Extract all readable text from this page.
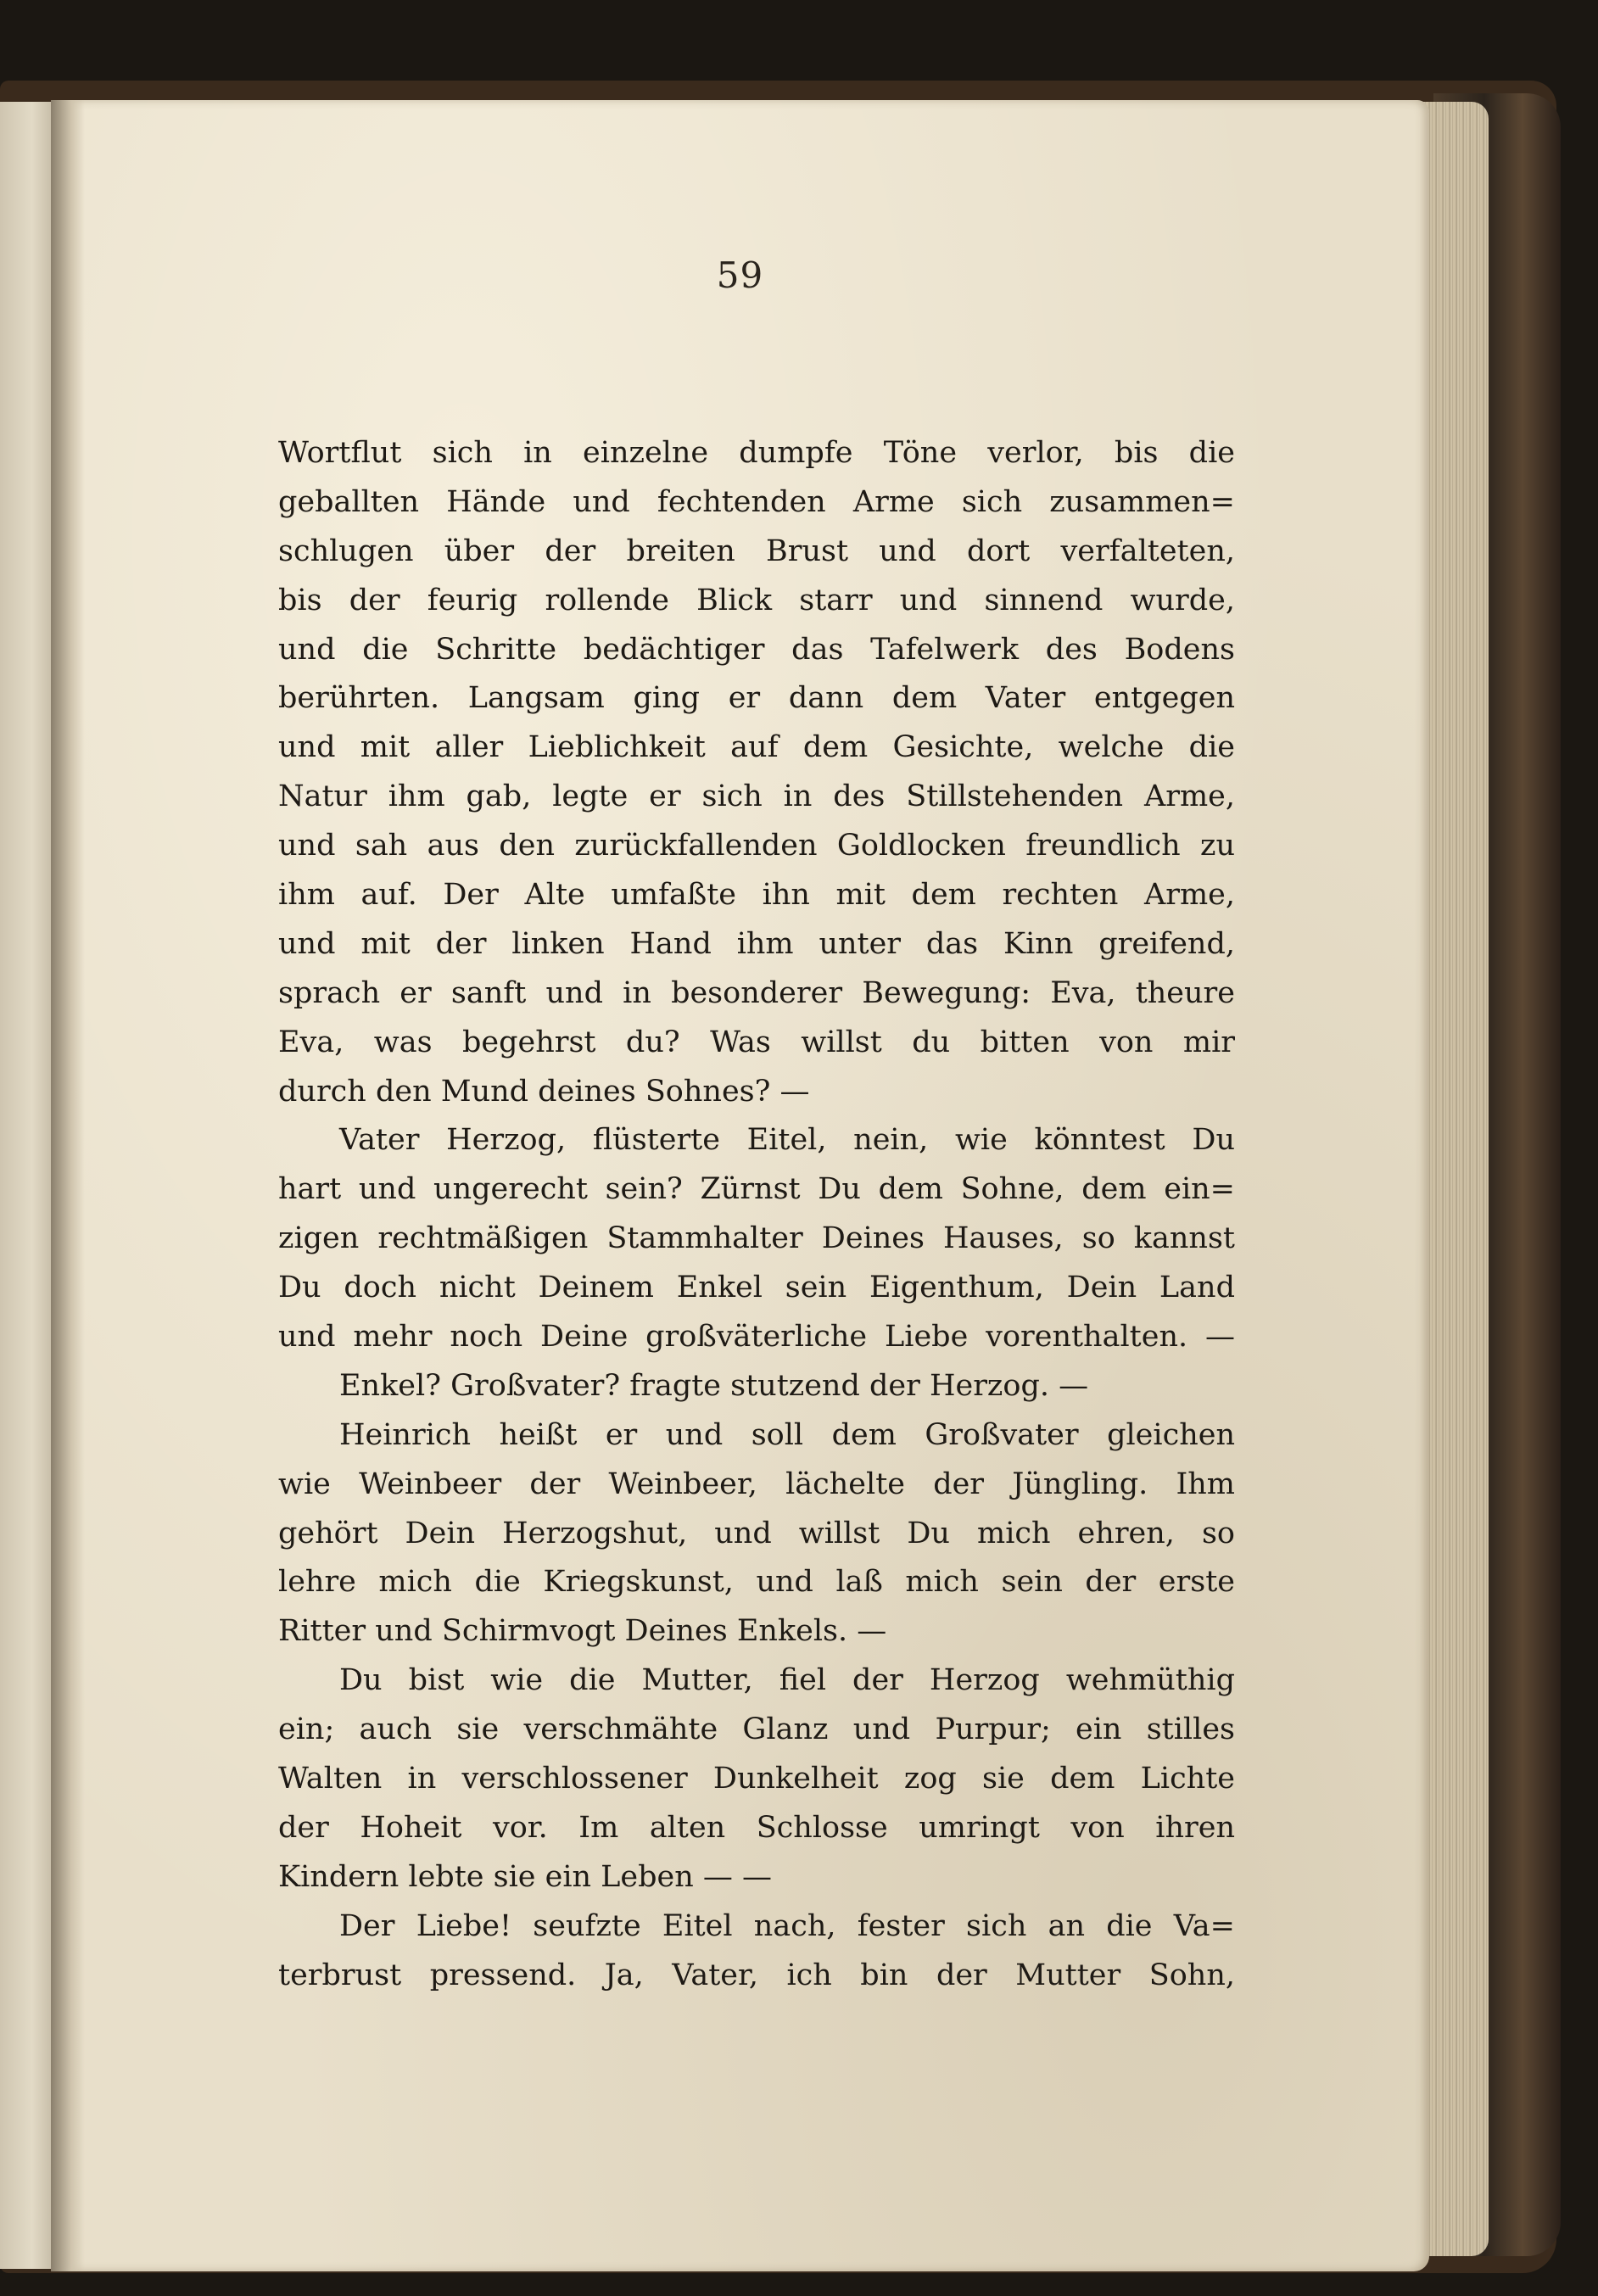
59
Wortflut sich in einzelne dumpfe Töne verlor, bis die
geballten Hände und fechtenden Arme sich zusammen=
schlugen über der breiten Brust und dort verfalteten,
bis der feurig rollende Blick starr und sinnend wurde,
und die Schritte bedächtiger das Tafelwerk des Bodens
berührten. Langsam ging er dann dem Vater entgegen
und mit aller Lieblichkeit auf dem Gesichte, welche die
Natur ihm gab, legte er sich in des Stillstehenden Arme,
und sah aus den zurückfallenden Goldlocken freundlich zu
ihm auf. Der Alte umfaßte ihn mit dem rechten Arme,
und mit der linken Hand ihm unter das Kinn greifend,
sprach er sanft und in besonderer Bewegung: Eva, theure
Eva, was begehrst du? Was willst du bitten von mir
durch den Mund deines Sohnes? —
Vater Herzog, flüsterte Eitel, nein, wie könntest Du
hart und ungerecht sein? Zürnst Du dem Sohne, dem ein=
zigen rechtmäßigen Stammhalter Deines Hauses, so kannst
Du doch nicht Deinem Enkel sein Eigenthum, Dein Land
und mehr noch Deine großväterliche Liebe vorenthalten. —
Enkel? Großvater? fragte stutzend der Herzog. —
Heinrich heißt er und soll dem Großvater gleichen
wie Weinbeer der Weinbeer, lächelte der Jüngling. Ihm
gehört Dein Herzogshut, und willst Du mich ehren, so
lehre mich die Kriegskunst, und laß mich sein der erste
Ritter und Schirmvogt Deines Enkels. —
Du bist wie die Mutter, fiel der Herzog wehmüthig
ein; auch sie verschmähte Glanz und Purpur; ein stilles
Walten in verschlossener Dunkelheit zog sie dem Lichte
der Hoheit vor. Im alten Schlosse umringt von ihren
Kindern lebte sie ein Leben — —
Der Liebe! seufzte Eitel nach, fester sich an die Va=
terbrust pressend. Ja, Vater, ich bin der Mutter Sohn,
